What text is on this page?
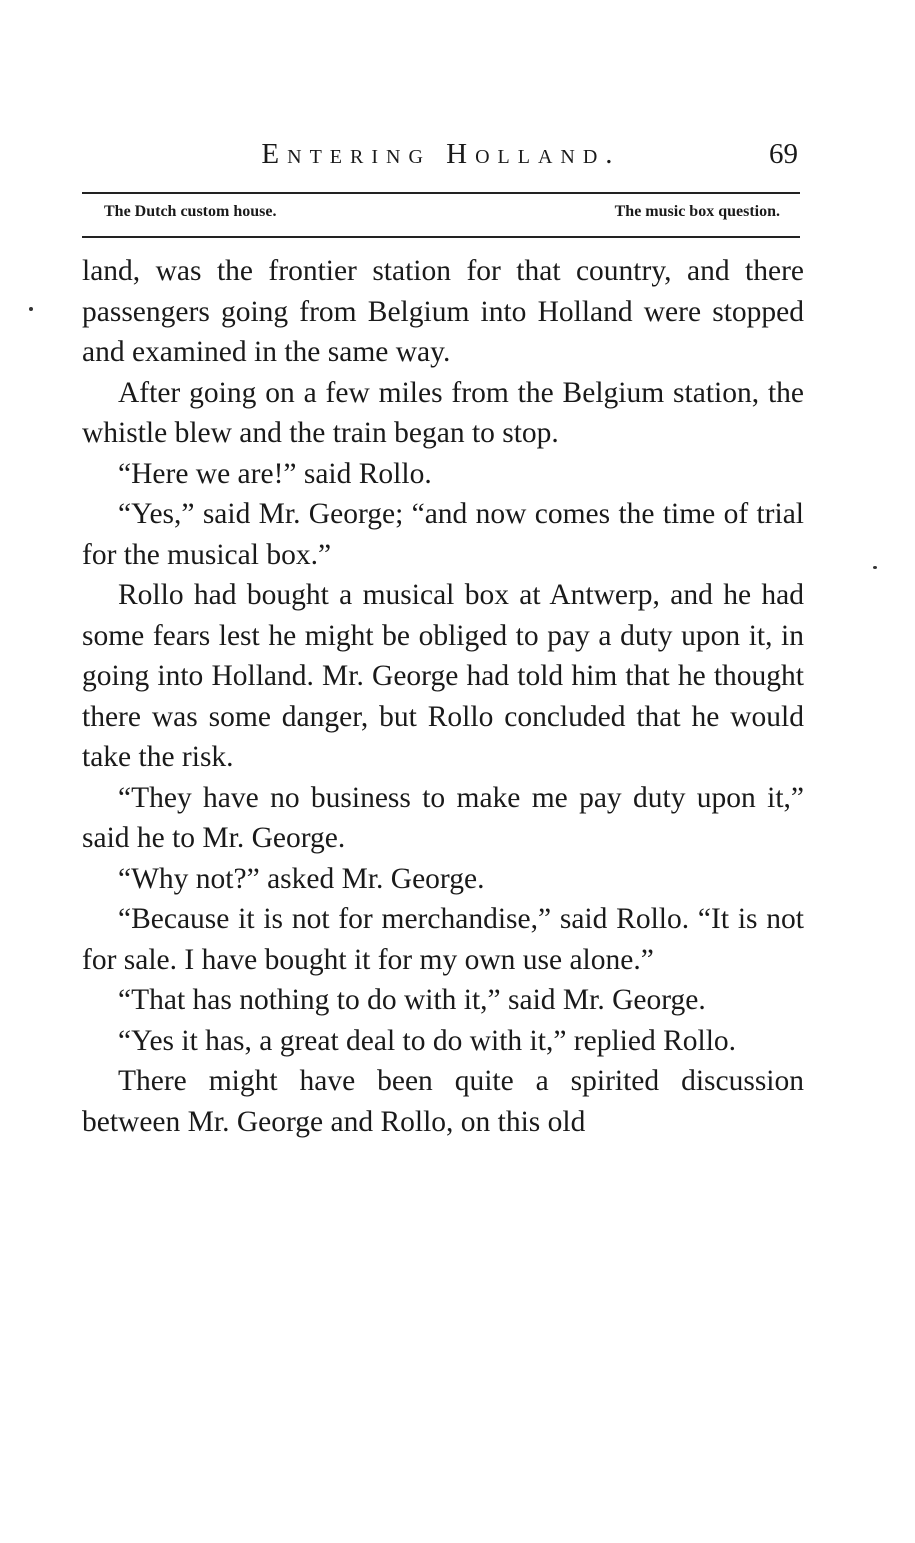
Entering Holland.	69
The Dutch custom house.	The music box question.

land, was the frontier station for that country, and there passengers going from Belgium into Holland were stopped and examined in the same way.

After going on a few miles from the Belgium station, the whistle blew and the train began to stop.

“Here we are!” said Rollo.

“Yes,” said Mr. George; “and now comes the time of trial for the musical box.”

Rollo had bought a musical box at Antwerp, and he had some fears lest he might be obliged to pay a duty upon it, in going into Holland. Mr. George had told him that he thought there was some danger, but Rollo concluded that he would take the risk.

“They have no business to make me pay duty upon it,” said he to Mr. George.

“Why not?” asked Mr. George.

“Because it is not for merchandise,” said Rollo. “It is not for sale. I have bought it for my own use alone.”

“That has nothing to do with it,” said Mr. George.

“Yes it has, a great deal to do with it,” replied Rollo.

There might have been quite a spirited discussion between Mr. George and Rollo, on this old
